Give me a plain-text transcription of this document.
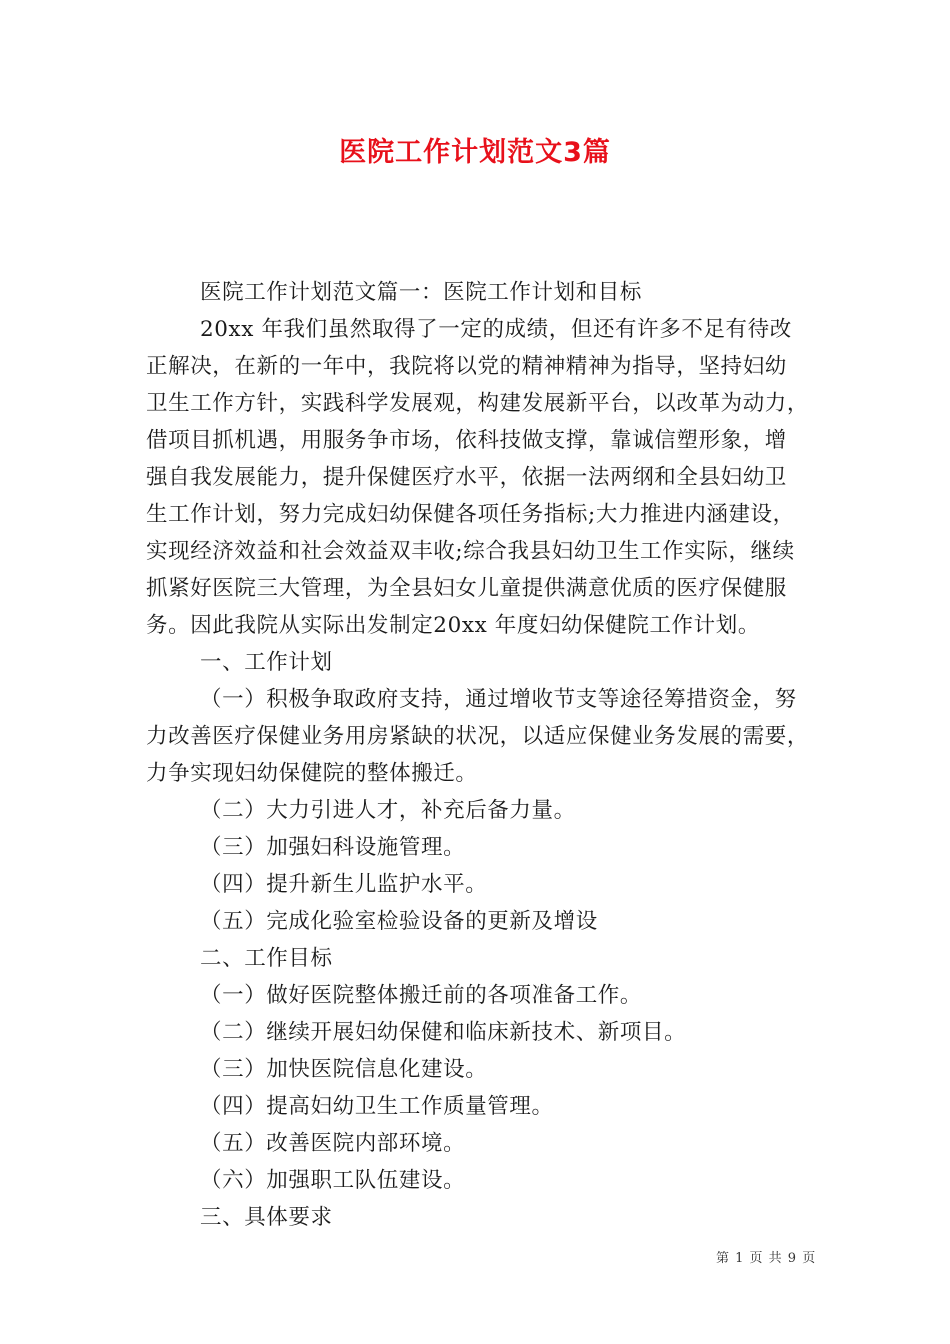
医院工作计划范文3篇
医院工作计划范文篇一：医院工作计划和目标
20xx 年我们虽然取得了一定的成绩，但还有许多不足有待改
正解决，在新的一年中，我院将以党的精神精神为指导，坚持妇幼
卫生工作方针，实践科学发展观，构建发展新平台，以改革为动力，
借项目抓机遇，用服务争市场，依科技做支撑，靠诚信塑形象，增
强自我发展能力，提升保健医疗水平，依据一法两纲和全县妇幼卫
生工作计划，努力完成妇幼保健各项任务指标;大力推进内涵建设，
实现经济效益和社会效益双丰收;综合我县妇幼卫生工作实际，继续
抓紧好医院三大管理，为全县妇女儿童提供满意优质的医疗保健服
务。因此我院从实际出发制定20xx 年度妇幼保健院工作计划。
一、工作计划
（一）积极争取政府支持，通过增收节支等途径筹措资金，努
力改善医疗保健业务用房紧缺的状况，以适应保健业务发展的需要，
力争实现妇幼保健院的整体搬迁。
（二）大力引进人才，补充后备力量。
（三）加强妇科设施管理。
（四）提升新生儿监护水平。
（五）完成化验室检验设备的更新及增设
二、工作目标
（一）做好医院整体搬迁前的各项准备工作。
（二）继续开展妇幼保健和临床新技术、新项目。
（三）加快医院信息化建设。
（四）提高妇幼卫生工作质量管理。
（五）改善医院内部环境。
（六）加强职工队伍建设。
三、具体要求
第 1 页 共 9 页
